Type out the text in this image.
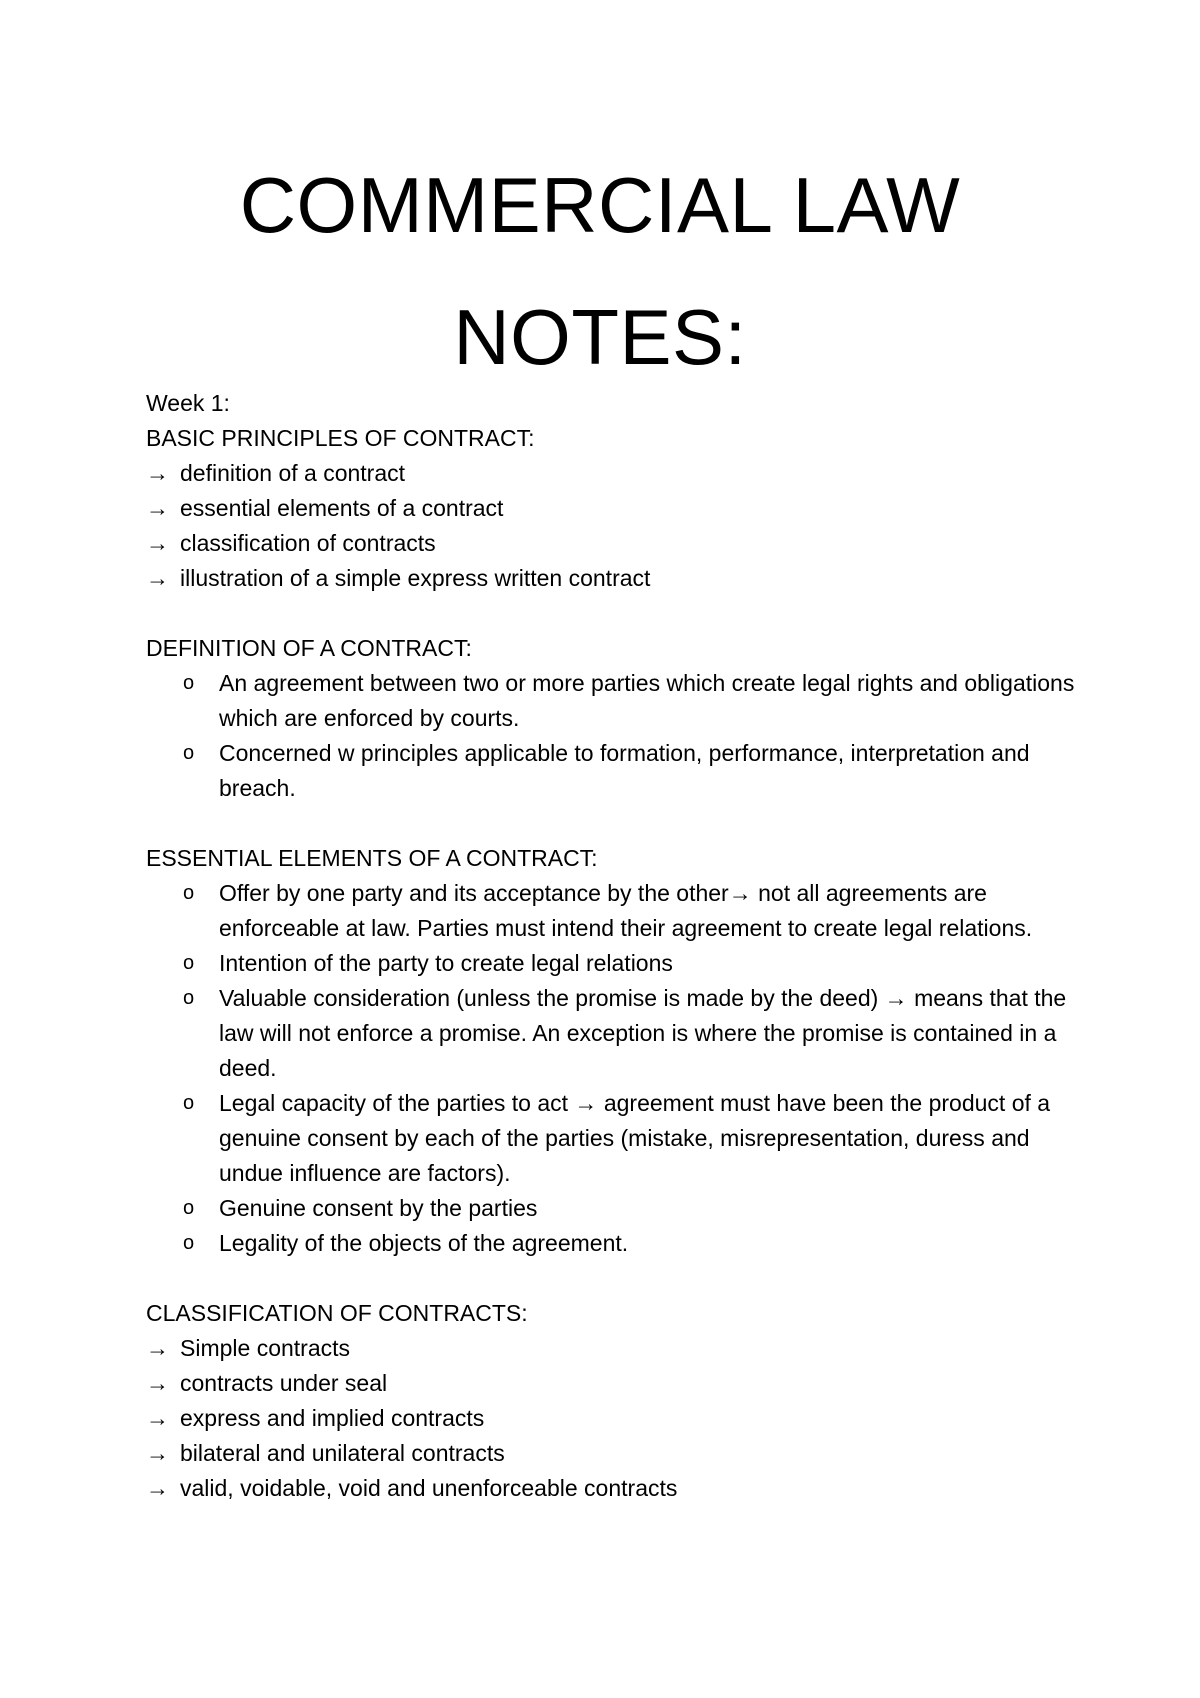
COMMERCIAL LAW
NOTES:

Week 1:

BASIC PRINCIPLES OF CONTRACT:

→ definition of a contract

→ essential elements of a contract

→ classification of contracts

→ illustration of a simple express written contract

DEFINITION OF A CONTRACT:

o An agreement between two or more parties which create legal rights and obligations which are enforced by courts.
o Concerned w principles applicable to formation, performance, interpretation and breach.

ESSENTIAL ELEMENTS OF A CONTRACT:

o Offer by one party and its acceptance by the other→ not all agreements are enforceable at law. Parties must intend their agreement to create legal relations.
o Intention of the party to create legal relations
o Valuable consideration (unless the promise is made by the deed) → means that the law will not enforce a promise. An exception is where the promise is contained in a deed.
o Legal capacity of the parties to act → agreement must have been the product of a genuine consent by each of the parties (mistake, misrepresentation, duress and undue influence are factors).
o Genuine consent by the parties
o Legality of the objects of the agreement.

CLASSIFICATION OF CONTRACTS:

→ Simple contracts

→ contracts under seal

→ express and implied contracts

→ bilateral and unilateral contracts

→ valid, voidable, void and unenforceable contracts
